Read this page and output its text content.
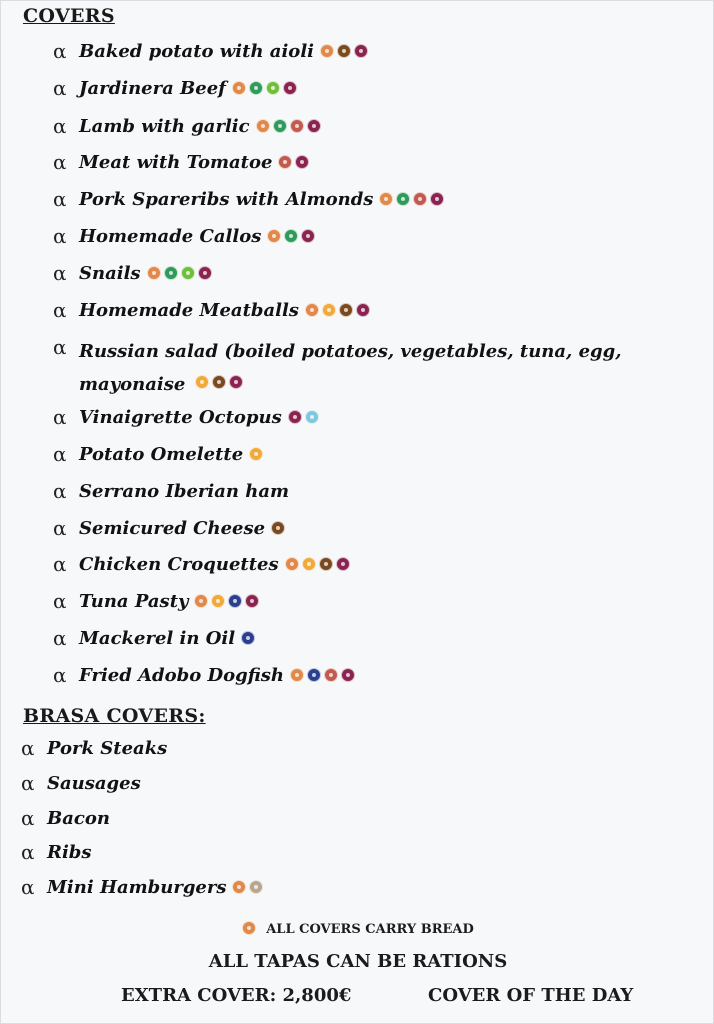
COVERS
α Baked potato with aioli
α Jardinera Beef
α Lamb with garlic
α Meat with Tomatoe
α Pork Spareribs with Almonds
α Homemade Callos
α Snails
α Homemade Meatballs
α Russian salad (boiled potatoes, vegetables, tuna, egg, mayonaise
α Vinaigrette Octopus
α Potato Omelette
α Serrano Iberian ham
α Semicured Cheese
α Chicken Croquettes
α Tuna Pasty
α Mackerel in Oil
α Fried Adobo Dogfish
BRASA COVERS:
α Pork Steaks
α Sausages
α Bacon
α Ribs
α Mini Hamburgers
ALL COVERS CARRY BREAD
ALL TAPAS CAN BE RATIONS
EXTRA COVER: 2,800€	COVER OF THE DAY
